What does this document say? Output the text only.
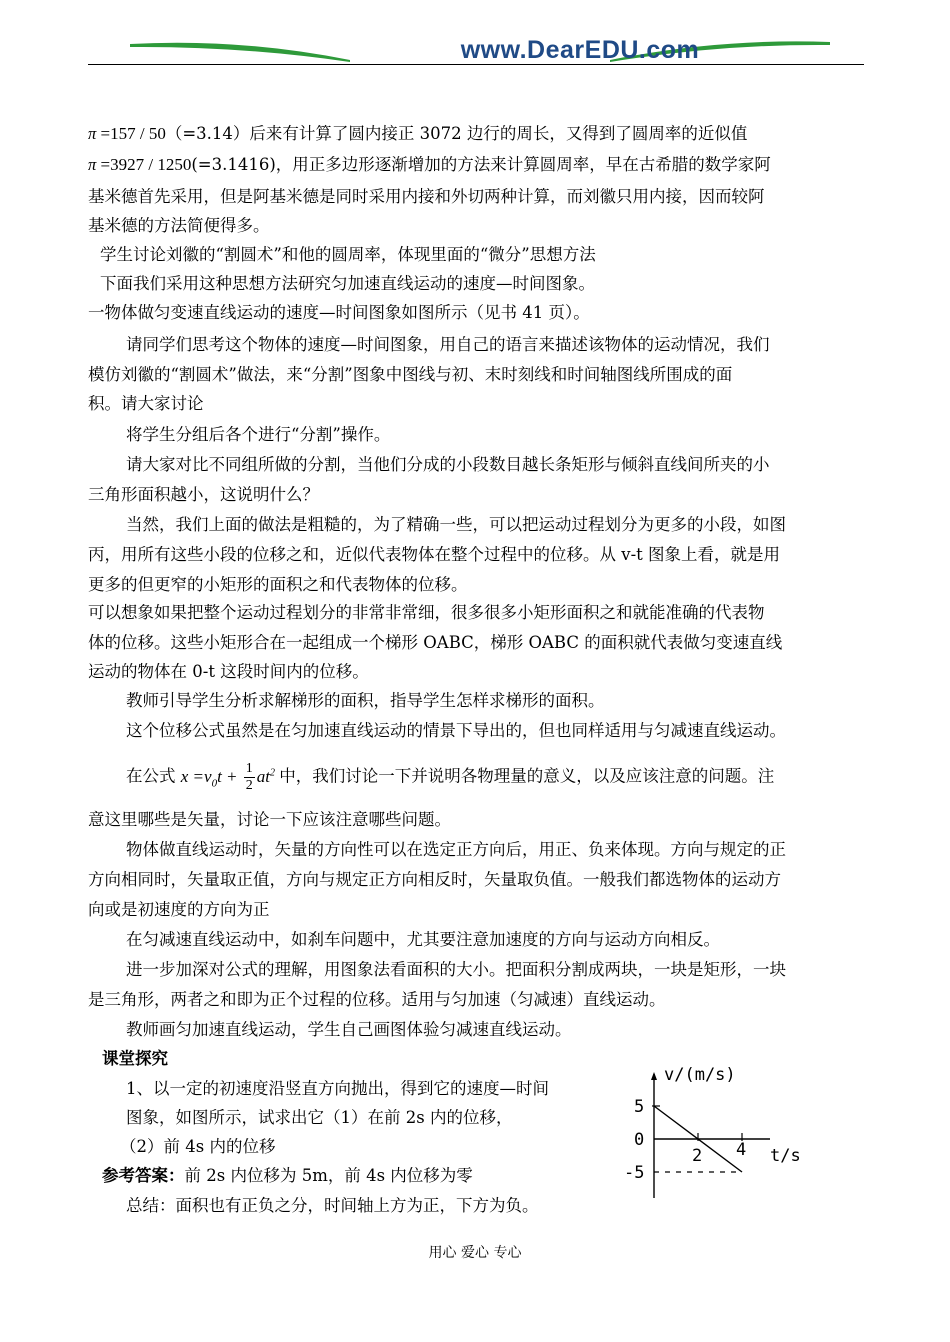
www.DearEDU.com
π =157 / 50（=3.14）后来有计算了圆内接正 3072 边行的周长，又得到了圆周率的近似值
π =3927 / 1250(=3.1416)，用正多边形逐渐增加的方法来计算圆周率，早在古希腊的数学家阿
基米德首先采用，但是阿基米德是同时采用内接和外切两种计算，而刘徽只用内接，因而较阿
基米德的方法简便得多。
学生讨论刘徽的“割圆术”和他的圆周率，体现里面的“微分”思想方法
下面我们采用这种思想方法研究匀加速直线运动的速度—时间图象。
一物体做匀变速直线运动的速度—时间图象如图所示（见书 41 页）。
请同学们思考这个物体的速度—时间图象，用自己的语言来描述该物体的运动情况，我们
模仿刘徽的“割圆术”做法，来“分割”图象中图线与初、末时刻线和时间轴图线所围成的面
积。请大家讨论
将学生分组后各个进行“分割”操作。
请大家对比不同组所做的分割，当他们分成的小段数目越长条矩形与倾斜直线间所夹的小
三角形面积越小，这说明什么？
当然，我们上面的做法是粗糙的，为了精确一些，可以把运动过程划分为更多的小段，如图
丙，用所有这些小段的位移之和，近似代表物体在整个过程中的位移。从 v-t 图象上看，就是用
更多的但更窄的小矩形的面积之和代表物体的位移。
可以想象如果把整个运动过程划分的非常非常细，很多很多小矩形面积之和就能准确的代表物
体的位移。这些小矩形合在一起组成一个梯形 OABC，梯形 OABC 的面积就代表做匀变速直线
运动的物体在 0-t 这段时间内的位移。
教师引导学生分析求解梯形的面积，指导学生怎样求梯形的面积。
这个位移公式虽然是在匀加速直线运动的情景下导出的，但也同样适用与匀减速直线运动。
在公式 $x =v_0t + \frac{1}{2} at^2$ 中，我们讨论一下并说明各物理量的意义，以及应该注意的问题。注
意这里哪些是矢量，讨论一下应该注意哪些问题。
物体做直线运动时，矢量的方向性可以在选定正方向后，用正、负来体现。方向与规定的正
方向相同时，矢量取正值，方向与规定正方向相反时，矢量取负值。一般我们都选物体的运动方
向或是初速度的方向为正
在匀减速直线运动中，如刹车问题中，尤其要注意加速度的方向与运动方向相反。
进一步加深对公式的理解，用图象法看面积的大小。把面积分割成两块，一块是矩形，一块
是三角形，两者之和即为正个过程的位移。适用与匀加速（匀减速）直线运动。
教师画匀加速直线运动，学生自己画图体验匀减速直线运动。
课堂探究
1、以一定的初速度沿竖直方向抛出，得到它的速度—时间
图象，如图所示，试求出它（1）在前 2s 内的位移，
（2）前 4s 内的位移
参考答案：前 2s 内位移为 5m，前 4s 内位移为零
总结：面积也有正负之分，时间轴上方为正，下方为负。
v/(m/s)
t/s
5
0
-5
2 4
用心 爱心 专心
